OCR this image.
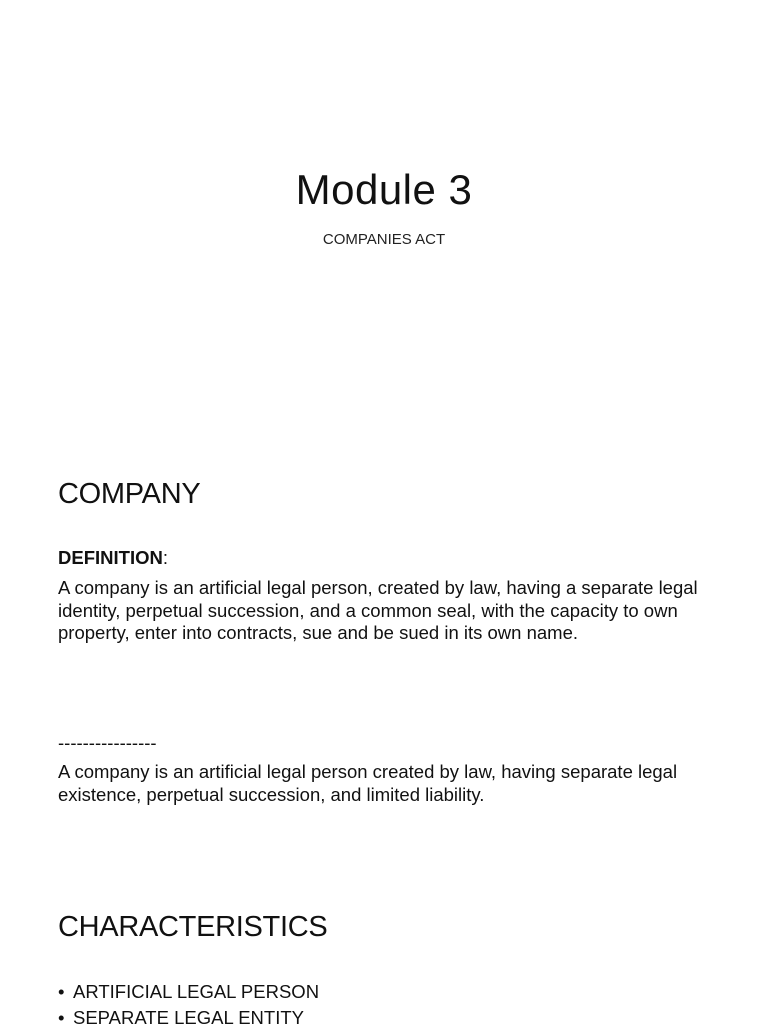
Module 3
COMPANIES ACT
COMPANY
DEFINITION:
A company is an artificial legal person, created by law, having a separate legal identity, perpetual succession, and a common seal, with the capacity to own property, enter into contracts, sue and be sued in its own name.
----------------
A company is an artificial legal person created by law, having separate legal existence, perpetual succession, and limited liability.
CHARACTERISTICS
• ARTIFICIAL LEGAL PERSON
• SEPARATE LEGAL ENTITY
